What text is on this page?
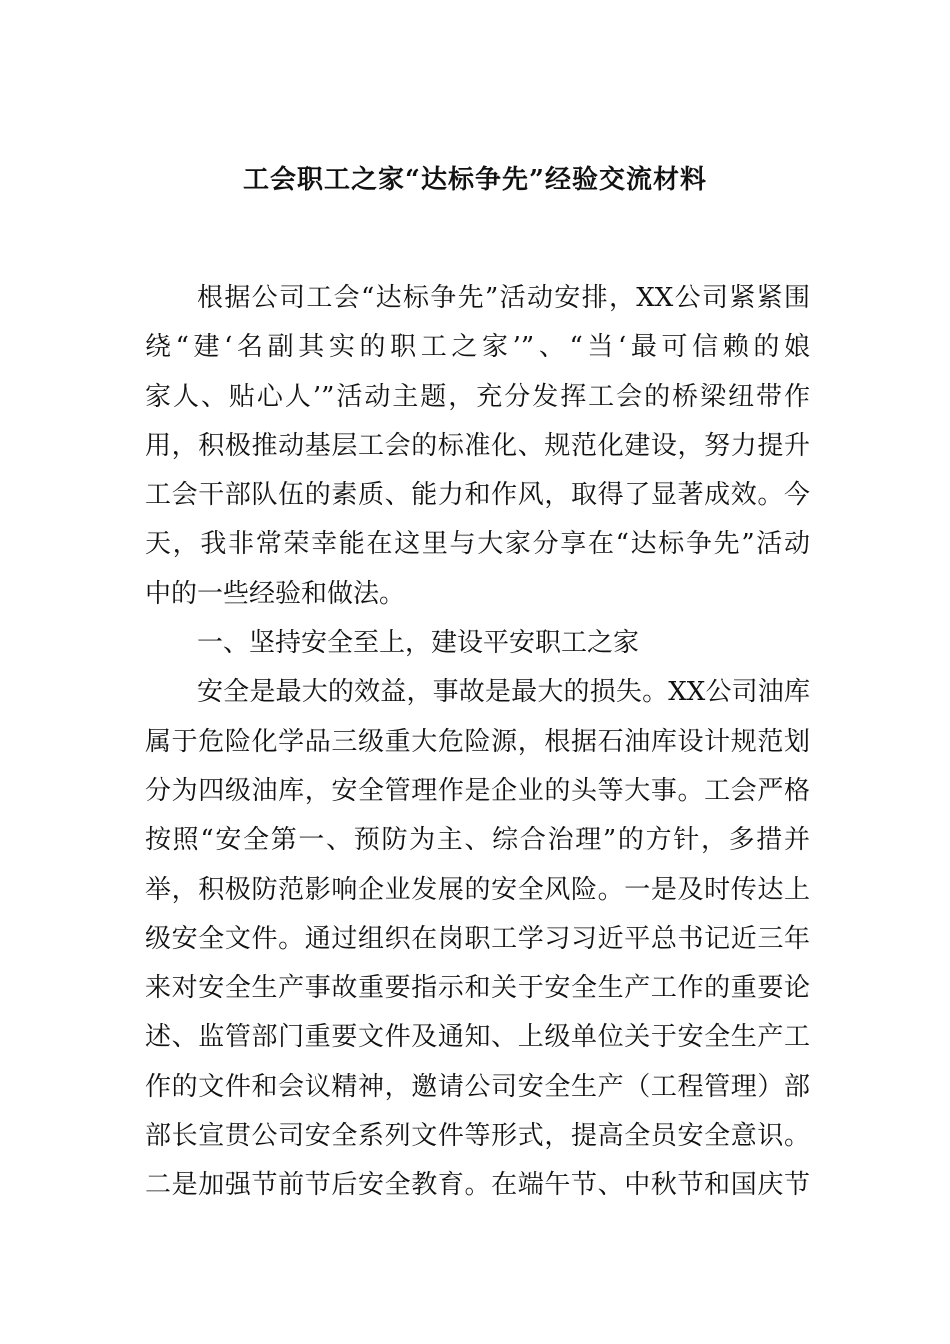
工会职工之家“达标争先”经验交流材料
根据公司工会“达标争先”活动安排，XX公司紧紧围
绕“建‘名副其实的职工之家’”、“当‘最可信赖的娘
家人、贴心人’”活动主题，充分发挥工会的桥梁纽带作
用，积极推动基层工会的标准化、规范化建设，努力提升
工会干部队伍的素质、能力和作风，取得了显著成效。今
天，我非常荣幸能在这里与大家分享在“达标争先”活动
中的一些经验和做法。
一、坚持安全至上，建设平安职工之家
安全是最大的效益，事故是最大的损失。XX公司油库
属于危险化学品三级重大危险源，根据石油库设计规范划
分为四级油库，安全管理作是企业的头等大事。工会严格
按照“安全第一、预防为主、综合治理”的方针，多措并
举，积极防范影响企业发展的安全风险。一是及时传达上
级安全文件。通过组织在岗职工学习习近平总书记近三年
来对安全生产事故重要指示和关于安全生产工作的重要论
述、监管部门重要文件及通知、上级单位关于安全生产工
作的文件和会议精神，邀请公司安全生产（工程管理）部
部长宣贯公司安全系列文件等形式，提高全员安全意识。
二是加强节前节后安全教育。在端午节、中秋节和国庆节
